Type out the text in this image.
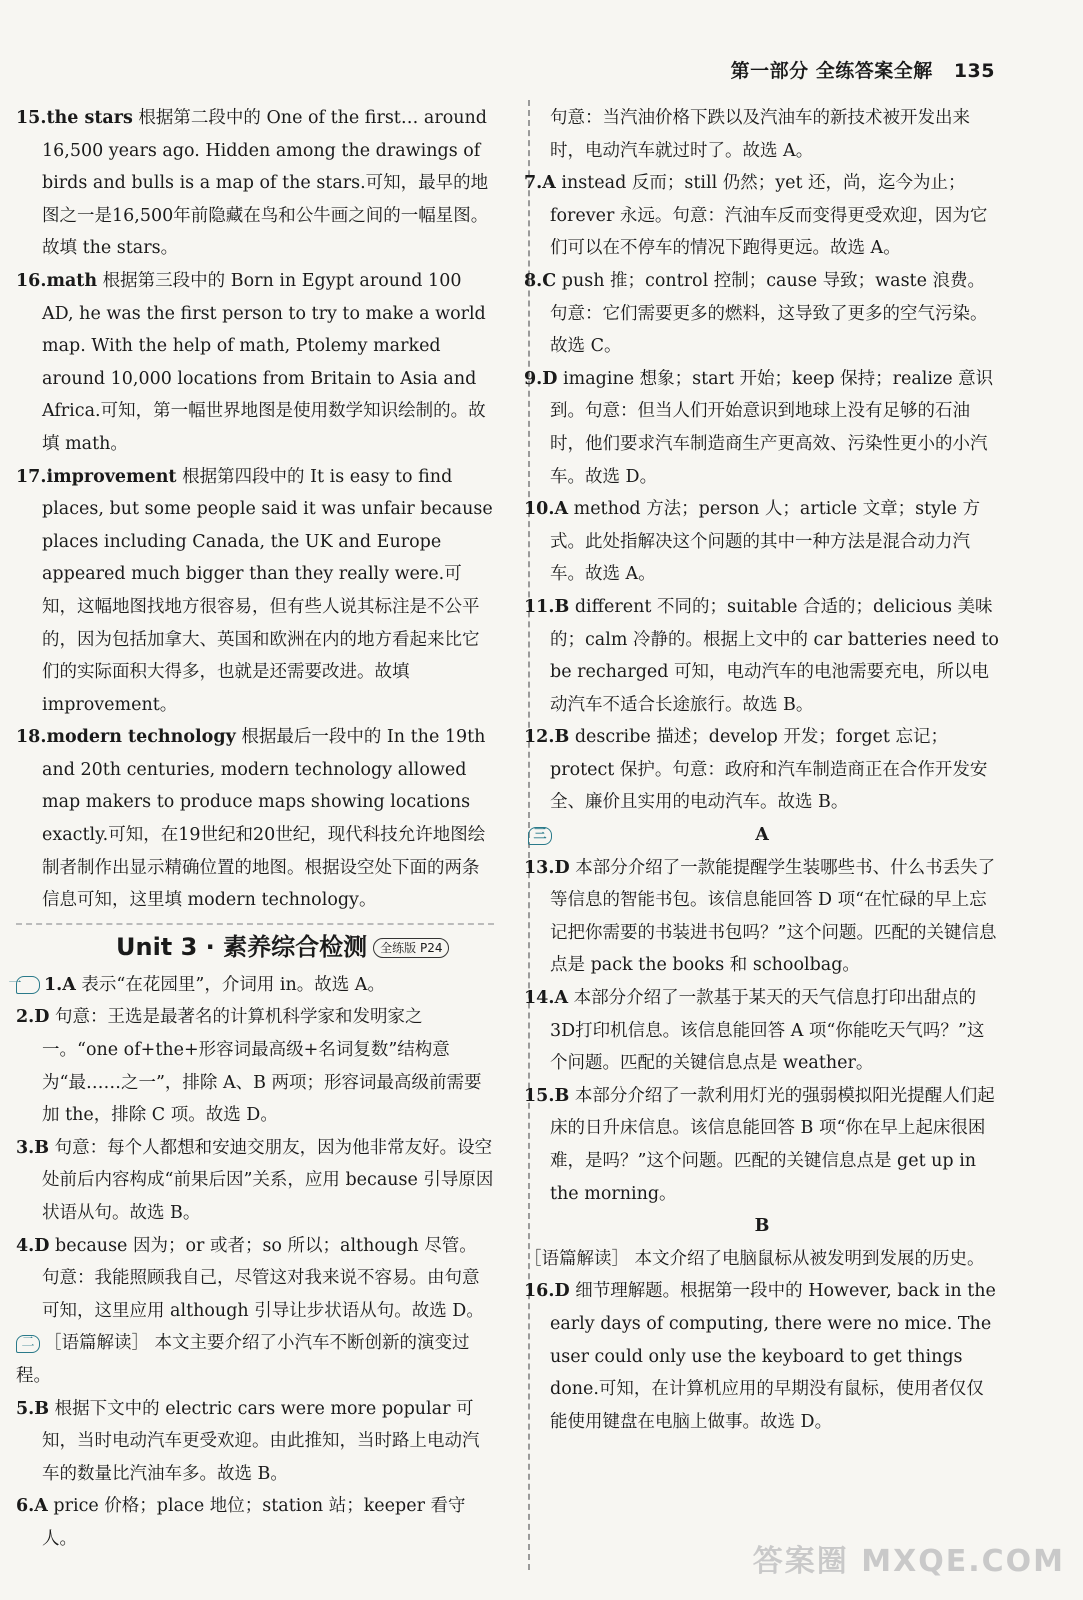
第一部分 全练答案全解 135

15.the stars 根据第二段中的 One of the first… around 16,500 years ago. Hidden among the drawings of birds and bulls is a map of the stars.可知，最早的地图之一是16,500年前隐藏在鸟和公牛画之间的一幅星图。故填 the stars。

16.math 根据第三段中的 Born in Egypt around 100 AD, he was the first person to try to make a world map. With the help of math, Ptolemy marked around 10,000 locations from Britain to Asia and Africa.可知，第一幅世界地图是使用数学知识绘制的。故填 math。

17.improvement 根据第四段中的 It is easy to find places, but some people said it was unfair because places including Canada, the UK and Europe appeared much bigger than they really were.可知，这幅地图找地方很容易，但有些人说其标注是不公平的，因为包括加拿大、英国和欧洲在内的地方看起来比它们的实际面积大得多，也就是还需要改进。故填 improvement。

18.modern technology 根据最后一段中的 In the 19th and 20th centuries, modern technology allowed map makers to produce maps showing locations exactly.可知，在19世纪和20世纪，现代科技允许地图绘制者制作出显示精确位置的地图。根据设空处下面的两条信息可知，这里填 modern technology。

Unit 3 · 素养综合检测 全练版 P24

一 1.A 表示“在花园里”，介词用 in。故选 A。

2.D 句意：王选是最著名的计算机科学家和发明家之一。“one of+the+形容词最高级+名词复数”结构意为“最……之一”，排除 A、B 两项；形容词最高级前需要加 the，排除 C 项。故选 D。

3.B 句意：每个人都想和安迪交朋友，因为他非常友好。设空处前后内容构成“前果后因”关系，应用 because 引导原因状语从句。故选 B。

4.D because 因为；or 或者；so 所以；although 尽管。句意：我能照顾我自己，尽管这对我来说不容易。由句意可知，这里应用 although 引导让步状语从句。故选 D。

二 ［语篇解读］ 本文主要介绍了小汽车不断创新的演变过程。

5.B 根据下文中的 electric cars were more popular 可知，当时电动汽车更受欢迎。由此推知，当时路上电动汽车的数量比汽油车多。故选 B。

6.A price 价格；place 地位；station 站；keeper 看守人。

句意：当汽油价格下跌以及汽油车的新技术被开发出来时，电动汽车就过时了。故选 A。

7.A instead 反而；still 仍然；yet 还，尚，迄今为止；forever 永远。句意：汽油车反而变得更受欢迎，因为它们可以在不停车的情况下跑得更远。故选 A。

8.C push 推；control 控制；cause 导致；waste 浪费。句意：它们需要更多的燃料，这导致了更多的空气污染。故选 C。

9.D imagine 想象；start 开始；keep 保持；realize 意识到。句意：但当人们开始意识到地球上没有足够的石油时，他们要求汽车制造商生产更高效、污染性更小的小汽车。故选 D。

10.A method 方法；person 人；article 文章；style 方式。此处指解决这个问题的其中一种方法是混合动力汽车。故选 A。

11.B different 不同的；suitable 合适的；delicious 美味的；calm 冷静的。根据上文中的 car batteries need to be recharged 可知，电动汽车的电池需要充电，所以电动汽车不适合长途旅行。故选 B。

12.B describe 描述；develop 开发；forget 忘记；protect 保护。句意：政府和汽车制造商正在合作开发安全、廉价且实用的电动汽车。故选 B。

三	A

13.D 本部分介绍了一款能提醒学生装哪些书、什么书丢失了等信息的智能书包。该信息能回答 D 项“在忙碌的早上忘记把你需要的书装进书包吗？”这个问题。匹配的关键信息点是 pack the books 和 schoolbag。

14.A 本部分介绍了一款基于某天的天气信息打印出甜点的3D打印机信息。该信息能回答 A 项“你能吃天气吗？”这个问题。匹配的关键信息点是 weather。

15.B 本部分介绍了一款利用灯光的强弱模拟阳光提醒人们起床的日升床信息。该信息能回答 B 项“你在早上起床很困难，是吗？”这个问题。匹配的关键信息点是 get up in the morning。

B

［语篇解读］ 本文介绍了电脑鼠标从被发明到发展的历史。

16.D 细节理解题。根据第一段中的 However, back in the early days of computing, there were no mice. The user could only use the keyboard to get things done.可知，在计算机应用的早期没有鼠标，使用者仅仅能使用键盘在电脑上做事。故选 D。

答案圈 MXQE.COM
